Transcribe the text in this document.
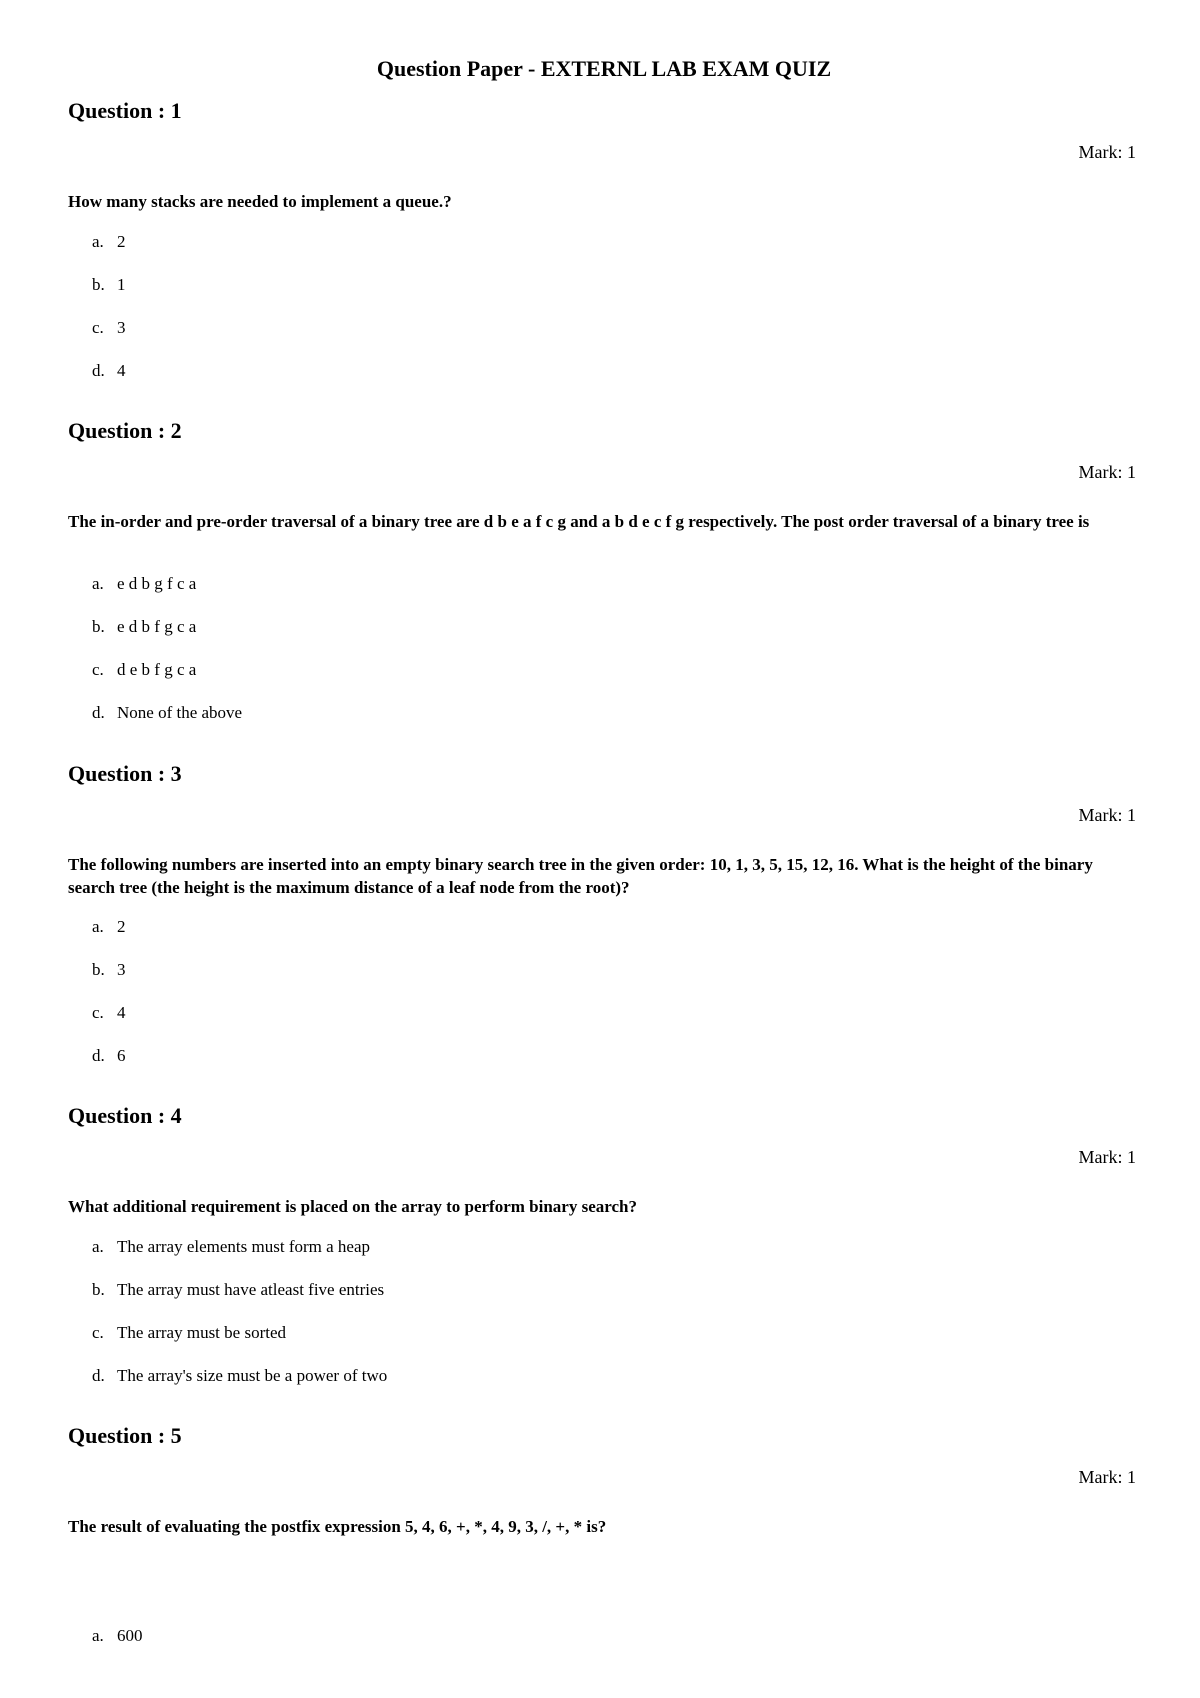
Question Paper - EXTERNL LAB EXAM QUIZ
Question : 1
Mark: 1
How many stacks are needed to implement a queue.?
a. 2
b. 1
c. 3
d. 4
Question : 2
Mark: 1
The in-order and pre-order traversal of a binary tree are d b e a f c g and a b d e c f g respectively. The post order traversal of a binary tree is
a. e d b g f c a
b. e d b f g c a
c. d e b f g c a
d. None of the above
Question : 3
Mark: 1
The following numbers are inserted into an empty binary search tree in the given order: 10, 1, 3, 5, 15, 12, 16. What is the height of the binary search tree (the height is the maximum distance of a leaf node from the root)?
a. 2
b. 3
c. 4
d. 6
Question : 4
Mark: 1
What additional requirement is placed on the array to perform binary search?
a. The array elements must form a heap
b. The array must have atleast five entries
c. The array must be sorted
d. The array's size must be a power of two
Question : 5
Mark: 1
The result of evaluating the postfix expression 5, 4, 6, +, *, 4, 9, 3, /, +, * is?
a. 600
